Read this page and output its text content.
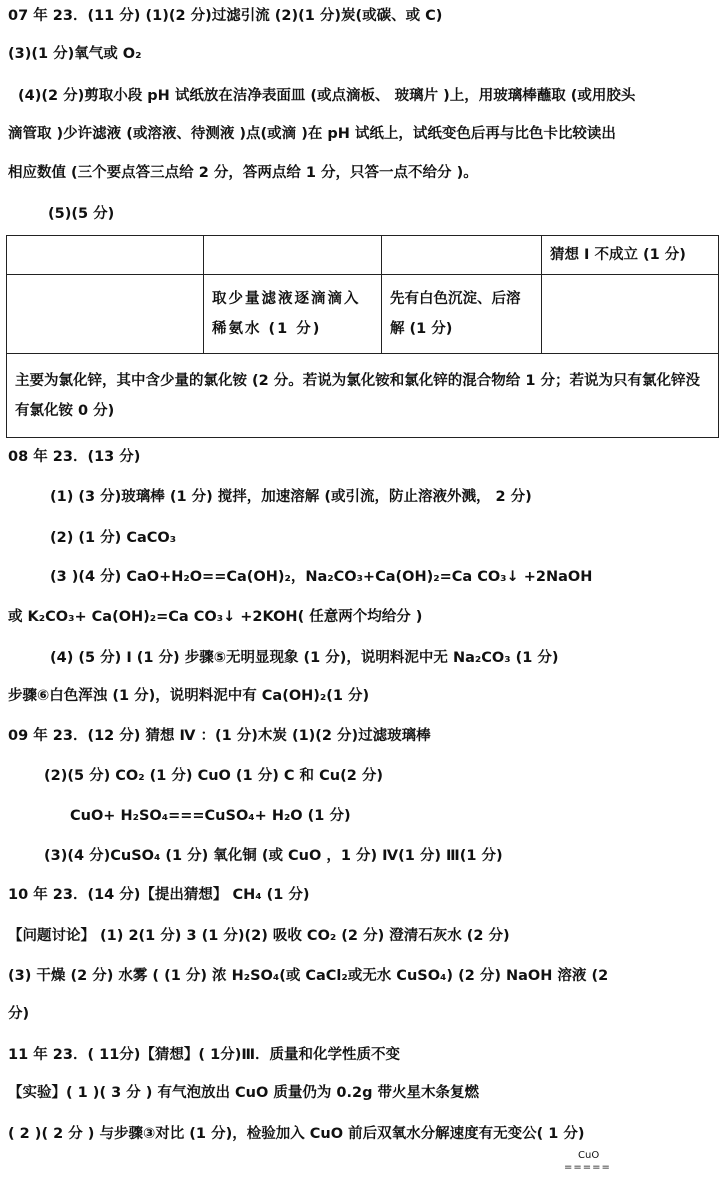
07 年 23．(11 分) (1)(2 分)过滤引流 (2)(1 分)炭(或碳、或 C)
(3)(1 分)氧气或 O₂
(4)(2 分)剪取小段 pH 试纸放在洁净表面皿 (或点滴板、 玻璃片 )上，用玻璃棒蘸取 (或用胶头
滴管取 )少许滤液 (或溶液、待测液 )点(或滴 )在 pH 试纸上，试纸变色后再与比色卡比较读出
相应数值 (三个要点答三点给 2 分，答两点给 1 分，只答一点不给分 )。
(5)(5 分)
			猜想 Ⅰ 不成立 (1 分)
	取少量滤液逐滴滴入稀氨水 (1 分)	先有白色沉淀、后溶解 (1 分)	
主要为氯化锌，其中含少量的氯化铵 (2 分。若说为氯化铵和氯化锌的混合物给 1 分；若说为只有氯化锌没有氯化铵 0 分)			
08 年 23．(13 分)
(1) (3 分)玻璃棒 (1 分) 搅拌，加速溶解 (或引流，防止溶液外溅， 2 分)
(2) (1 分) CaCO₃
(3 )(4 分) CaO+H₂O==Ca(OH)₂，Na₂CO₃+Ca(OH)₂=Ca CO₃↓ +2NaOH
或 K₂CO₃+ Ca(OH)₂=Ca CO₃↓ +2KOH( 任意两个均给分 )
(4) (5 分) Ⅰ (1 分) 步骤⑤无明显现象 (1 分)，说明料泥中无 Na₂CO₃ (1 分)
步骤⑥白色浑浊 (1 分)，说明料泥中有 Ca(OH)₂(1 分)
09 年 23．(12 分) 猜想 Ⅳ ：(1 分)木炭 (1)(2 分)过滤玻璃棒
(2)(5 分) CO₂ (1 分) CuO (1 分) C 和 Cu(2 分)
CuO+ H₂SO₄===CuSO₄+ H₂O (1 分)
(3)(4 分)CuSO₄ (1 分) 氧化铜 (或 CuO ，1 分) Ⅳ(1 分) Ⅲ(1 分)
10 年 23．(14 分)【提出猜想】 CH₄ (1 分)
【问题讨论】 (1) 2(1 分) 3 (1 分)(2) 吸收 CO₂ (2 分) 澄清石灰水 (2 分)
(3) 干燥 (2 分) 水雾 ( (1 分) 浓 H₂SO₄(或 CaCl₂或无水 CuSO₄) (2 分) NaOH 溶液 (2
分)
11 年 23．( 11分)【猜想】( 1分)Ⅲ．质量和化学性质不变
【实验】( 1 )( 3 分 ) 有气泡放出 CuO 质量仍为 0.2g 带火星木条复燃
( 2 )( 2 分 ) 与步骤③对比 (1 分)，检验加入 CuO 前后双氧水分解速度有无变公( 1 分)
CuO
=====
